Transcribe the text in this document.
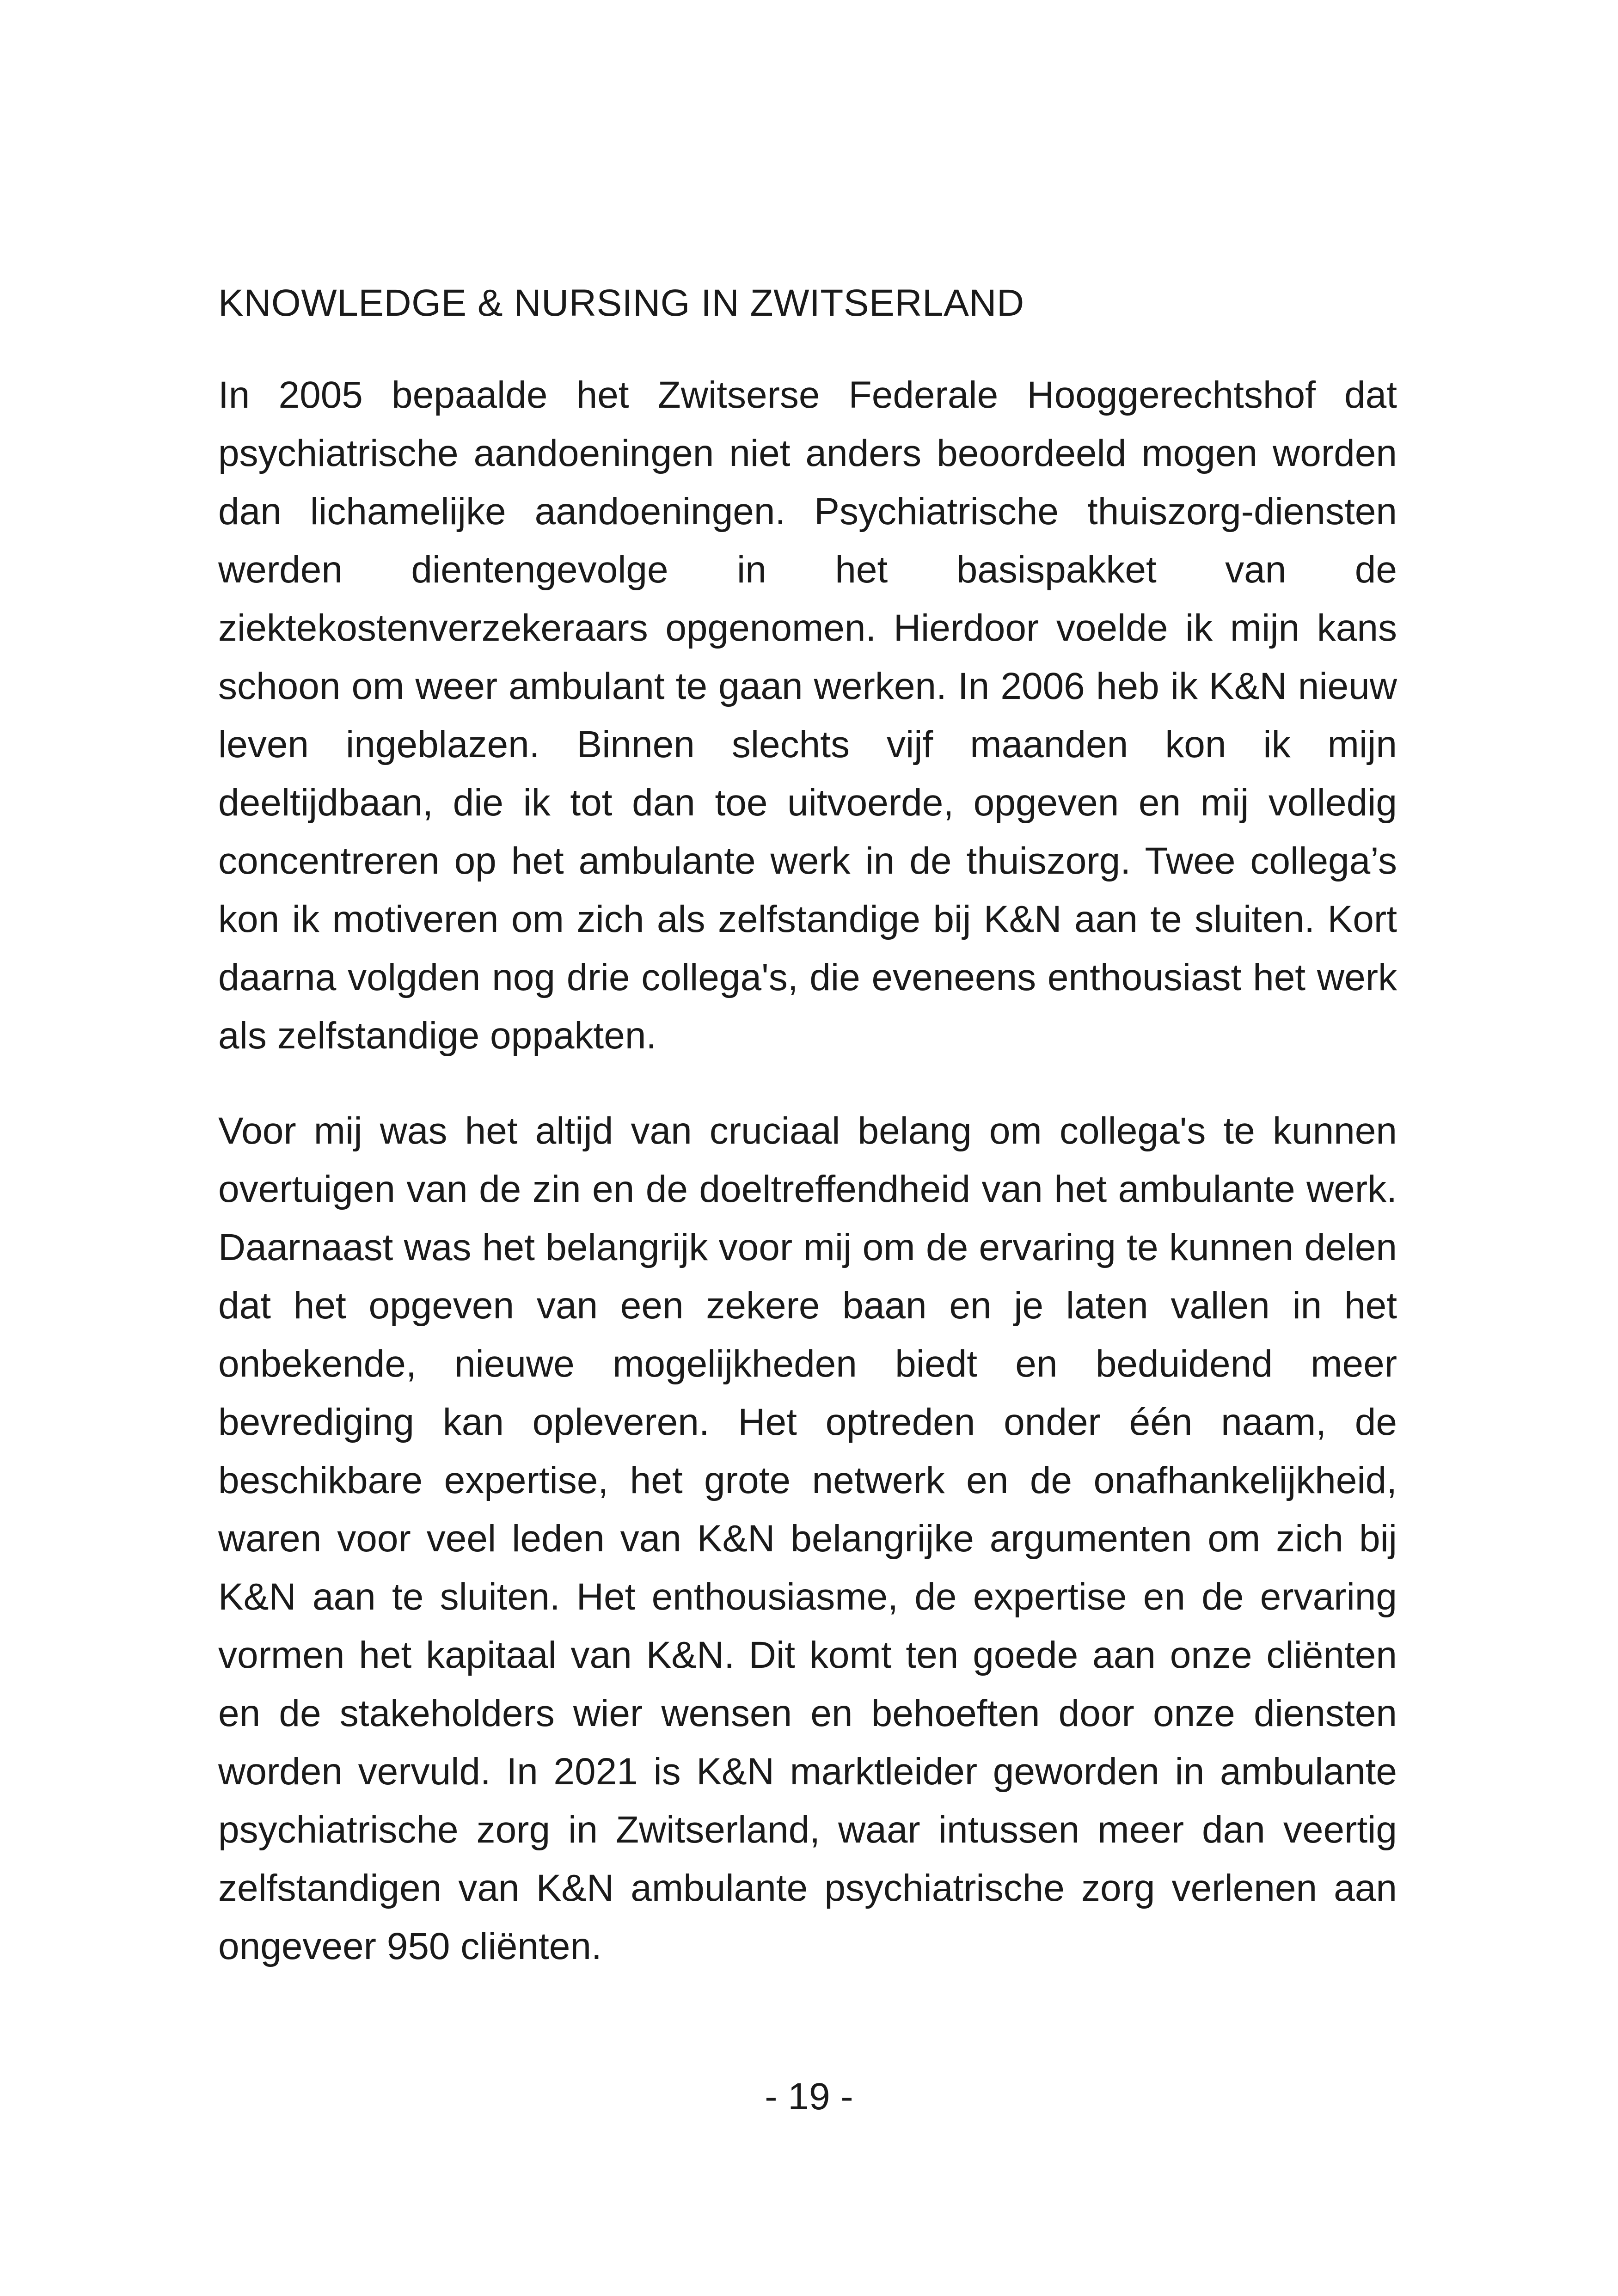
KNOWLEDGE & NURSING IN ZWITSERLAND

In 2005 bepaalde het Zwitserse Federale Hooggerechtshof dat psychiatrische aandoeningen niet anders beoordeeld mogen worden dan lichamelijke aandoeningen. Psychiatrische thuiszorg-diensten werden dientengevolge in het basispakket van de ziektekostenverzekeraars opgenomen. Hierdoor voelde ik mijn kans schoon om weer ambulant te gaan werken. In 2006 heb ik K&N nieuw leven ingeblazen. Binnen slechts vijf maanden kon ik mijn deeltijdbaan, die ik tot dan toe uitvoerde, opgeven en mij volledig concentreren op het ambulante werk in de thuiszorg. Twee collega’s kon ik motiveren om zich als zelfstandige bij K&N aan te sluiten. Kort daarna volgden nog drie collega's, die eveneens enthousiast het werk als zelfstandige oppakten.

Voor mij was het altijd van cruciaal belang om collega's te kunnen overtuigen van de zin en de doeltreffendheid van het ambulante werk. Daarnaast was het belangrijk voor mij om de ervaring te kunnen delen dat het opgeven van een zekere baan en je laten vallen in het onbekende, nieuwe mogelijkheden biedt en beduidend meer bevrediging kan opleveren. Het optreden onder één naam, de beschikbare expertise, het grote netwerk en de onafhankelijkheid, waren voor veel leden van K&N belangrijke argumenten om zich bij K&N aan te sluiten. Het enthousiasme, de expertise en de ervaring vormen het kapitaal van K&N. Dit komt ten goede aan onze cliënten en de stakeholders wier wensen en behoeften door onze diensten worden vervuld. In 2021 is K&N marktleider geworden in ambulante psychiatrische zorg in Zwitserland, waar intussen meer dan veertig zelfstandigen van K&N ambulante psychiatrische zorg verlenen aan ongeveer 950 cliënten.

- 19 -
